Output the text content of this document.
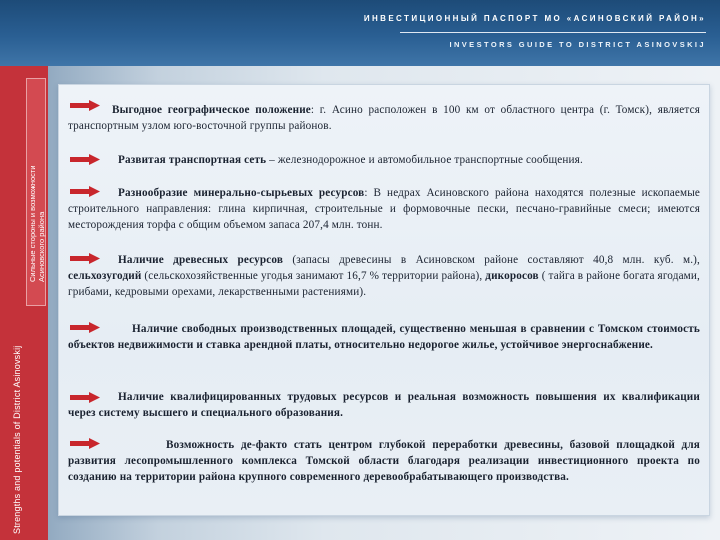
ИНВЕСТИЦИОННЫЙ ПАСПОРТ МО «АСИНОВСКИЙ РАЙОН»
INVESTORS GUIDE TO DISTRICT ASINOVSKIJ
Сильные стороны и возможности Асиновского района
Strengths and potentials of District Asinovskij
Выгодное географическое положение: г. Асино расположен в 100 км от областного центра (г. Томск), является транспортным узлом юго-восточной группы районов.
Развитая транспортная сеть – железнодорожное и автомобильное транспортные сообщения.
Разнообразие минерально-сырьевых ресурсов: В недрах Асиновского района находятся полезные ископаемые строительного направления: глина кирпичная, строительные и формовочные пески, песчано-гравийные смеси; имеются месторождения торфа с общим объемом запаса 207,4 млн. тонн.
Наличие древесных ресурсов (запасы древесины в Асиновском районе составляют 40,8 млн. куб. м.), сельхозугодий (сельскохозяйственные угодья занимают 16,7 % территории района), дикоросов ( тайга в районе богата ягодами, грибами, кедровыми орехами, лекарственными растениями).
Наличие свободных производственных площадей, существенно меньшая в сравнении с Томском стоимость объектов недвижимости и ставка арендной платы, относительно недорогое жилье, устойчивое энергоснабжение.
Наличие квалифицированных трудовых ресурсов и реальная возможность повышения их квалификации через систему высшего и специального образования.
Возможность де-факто стать центром глубокой переработки древесины, базовой площадкой для развития лесопромышленного комплекса Томской области благодаря реализации инвестиционного проекта по созданию на территории района крупного современного деревообрабатывающего производства.
